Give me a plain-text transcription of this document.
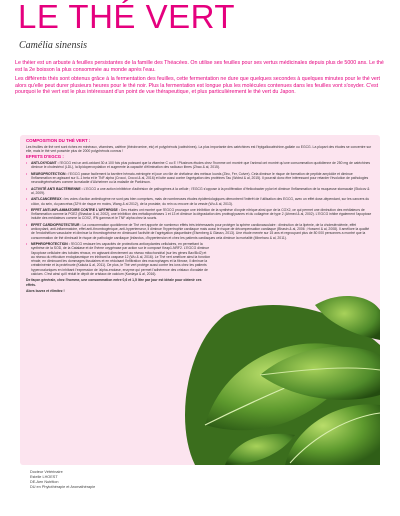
LE THÉ VERT
Camélia sinensis

Le théier est un arbuste à feuilles persistantes de la famille des Théacées. On utilise ses feuilles pour ses vertus médicinales depuis plus de 5000 ans. Le thé est la 2e boisson la plus consommée au monde après l'eau.

Les différents thés sont obtenus grâce à la fermentation des feuilles, cette fermentation ne dure que quelques secondes à quelques minutes pour le thé vert alors qu'elle peut durer plusieurs heures pour le thé noir. Plus la fermentation est longue plus les molécules contenues dans les feuilles vont s'oxyder. C'est pourquoi le thé vert est le plus intéressant d'un point de vue thérapeutique, et plus particulièrement le thé vert du Japon.

COMPOSITION DU THÉ VERT :
Les feuilles de thé vert sont riches en minéraux, vitamines, caféine (théobromine, etc) et polyphénols (catéchines). La plus importante des catéchines est l'épigallocatéchine-gallate ou EGCG. La plupart des études se concentre sur elle, mais le thé vert possède plus de 2000 polyphénols connus !
EFFETS D'EGCG :
• ANTI-OXYDANT : l'EGCG est un anti-oxidant 30 à 100 fois plus puissant que la vitamine C ou E ! Plusieurs études chez l'homme ont montré que l'animal ont montré qu'une consommation quotidienne de 250 mg de catéchines diminue le cholestérol (LDL), la lipidoperoxydation et augmente la capacité d'élimination des radicaux libres (Zhao & al, 2015).
• NEUROPROTECTION : l'EGCG passe facilement la barrière hémato-méningée et joue un rôle de chélateur des métaux lourds (Zinc, Fer, Cuivre). Cela diminue le risque de formation de peptide amyloïde et diminue l'inflammation en agissant sur IL-1 beta et le TNF alpha (Crocoi, Crocoi & al, 2016) et lutte aussi contre l'agrégation des protéines Tau (Wobst & al, 2015). Il pourrait donc être intéressant pour retarder l'évolution de pathologies neurodégénératives comme la maladie d'Alzheimer ou la maladie de Parkinson.
• ACTIVITÉ ANTI BACTÉRIENNE : L'EGCG a une action inhibitrice d'adhésion de pathogènes à la cellule ; l'EGCG s'oppose à la prolifération d'Helicobacter pylori et diminue l'inflammation de la muqueuse stomacale (Stoicov & al, 2009).
• ANTI-CANCEREUX : les voies d'action antimitogène ne sont pas bien comprises, mais de nombreuses études épidémiologiques démontrent l'intérêt de l'utilisation des EGCG, avec un effet dose-dépendant, sur les cancers du côlon, du sein, du pancréas (32% de risque en moins, Wang & al 2012), de la prostate, du rein ou encore de la vessie (Wu & al, 2013).
• EFFET ANTI-INFLAMMATOIRE CONTRE L'ARTHROSE : Des études ont montré que l'EGCG provoque une inhibition de la synthèse d'oxyde nitrique ainsi que de la COX2, ce qui permet une diminution des médiateurs de l'inflammation comme la PGE2 (Bhaskar & al, 2002), une inhibition des métalloprotéases 1 et 13 et diminue la dégradation des protéoglycanes et du collagène de type 2 (Ahmed & al, 2002). L'EGCG inhibe également l'apoptose induite des médiateurs comme la COX2, IFN gamma et le TNF alpha chez la souris.
• EFFET CARDIOPROTECTEUR : La consommation quotidienne de Thé vert apporte de nombreux effets très intéressants pour protéger la sphère cardiovasculaire : diminution de la lipémie, de la cholestérolémie, effet antioxydant, anti-inflammatoire, effet anti-thrombogénique, anti-hypertenseur, il diminue l'hypertrophie cardiaque mais aussi le risque de décompensation cardiaque (Bhasin & al, 2006 ; Hosseni & al, 2008). Il améliore la qualité de l'endothélium vasculaire et diminue la thrombogénèse en diminuant l'activité de l'agrégation plaquettaire (Eisenberg & Glassn, 2013). Une étude menée sur 15 ans et regroupant plus de 80 000 personnes a montré que la consommation de thé diminuait le risque de pathologie cardiaque (infarctus, d'hypertension et chez les patients cardiaques cela diminue la mortalité (Mineharu & al, 2011).
• NEPHROPROTECTION : l'EGCG restaure les capacités de protections antioxydantes cellulaires, en permettant la synthèse de la SOD, de la Catalase et de l'hème oxygénase par action sur le composé Keap1-NRF2. L'EGCG diminue l'apoptose cellulaire des tubules rénaux, en agissant directement au niveau mitochondrial (sur les gènes Bax/Bcl2) et au niveau du réticulum endoplasmique en inhibant la caspase 12 (Wu & al, 2016). Le Thé vert améliore ainsi la fonction rénale, en diminuant les dommages tissulaires et en réduisant l'infiltration des macrophages et la fibrose, il diminue la créatininémie et la protéinurie (Kakuta & al, 2011). De plus, le Thé vert protège aussi contre les ions chez les patients hyperoxaluriques en inhibant l'expression de 'alpha-enolase, enzyme qui permet l'adhérence des cristaux d'oxalate de calcium. C'est ainsi qu'il réduit le dépôt de cristaux de calcium (Kanlaya & al, 2016).
De façon générale, chez l'homme, une consommation entre 0,6 et 1,5 litre par jour est idéale pour obtenir ces effets.
Alors buvez et élimitez !
Docteur Vétérinaire
Estelle LHOEST
DE-Aen Nutrition
DU en Phytothérapie et Aromathérapie
